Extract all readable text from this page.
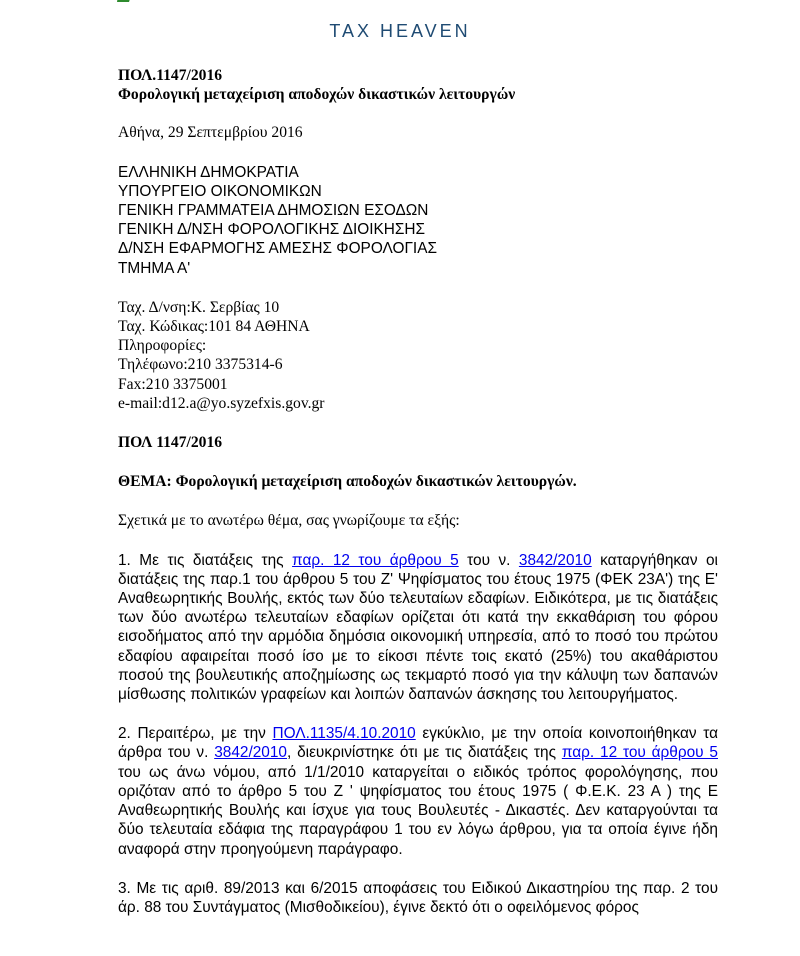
TAX HEAVEN

ΠΟΛ.1147/2016

Φορολογική μεταχείριση αποδοχών δικαστικών λειτουργών

Αθήνα, 29 Σεπτεμβρίου 2016

ΕΛΛΗΝΙΚΗ ΔΗΜΟΚΡΑΤΙΑ

ΥΠΟΥΡΓΕΙΟ ΟΙΚΟΝΟΜΙΚΩΝ

ΓΕΝΙΚΗ ΓΡΑΜΜΑΤΕΙΑ ΔΗΜΟΣΙΩΝ ΕΣΟΔΩΝ

ΓΕΝΙΚΗ Δ/ΝΣΗ ΦΟΡΟΛΟΓΙΚΗΣ ΔΙΟΙΚΗΣΗΣ

Δ/ΝΣΗ ΕΦΑΡΜΟΓΗΣ ΑΜΕΣΗΣ ΦΟΡΟΛΟΓΙΑΣ

ΤΜΗΜΑ Α'

Ταχ. Δ/νση:Κ. Σερβίας 10

Ταχ. Κώδικας:101 84 ΑΘΗΝΑ

Πληροφορίες:

Τηλέφωνο:210 3375314-6

Fax:210 3375001

e-mail:d12.a@yo.syzefxis.gov.gr

ΠΟΛ 1147/2016

ΘΕΜΑ: Φορολογική μεταχείριση αποδοχών δικαστικών λειτουργών.

Σχετικά με το ανωτέρω θέμα, σας γνωρίζουμε τα εξής:

1. Με τις διατάξεις της παρ. 12 του άρθρου 5 του ν. 3842/2010 καταργήθηκαν οι διατάξεις της παρ.1 του άρθρου 5 του Ζ' Ψηφίσματος του έτους 1975 (ΦΕΚ 23Α') της Ε' Αναθεωρητικής Βουλής, εκτός των δύο τελευταίων εδαφίων. Ειδικότερα, με τις διατάξεις των δύο ανωτέρω τελευταίων εδαφίων ορίζεται ότι κατά την εκκαθάριση του φόρου εισοδήματος από την αρμόδια δημόσια οικονομική υπηρεσία, από το ποσό του πρώτου εδαφίου αφαιρείται ποσό ίσο με το είκοσι πέντε τοις εκατό (25%) του ακαθάριστου ποσού της βουλευτικής αποζημίωσης ως τεκμαρτό ποσό για την κάλυψη των δαπανών μίσθωσης πολιτικών γραφείων και λοιπών δαπανών άσκησης του λειτουργήματος.

2. Περαιτέρω, με την ΠΟΛ.1135/4.10.2010 εγκύκλιο, με την οποία κοινοποιήθηκαν τα άρθρα του ν. 3842/2010, διευκρινίστηκε ότι με τις διατάξεις της παρ. 12 του άρθρου 5 του ως άνω νόμου, από 1/1/2010 καταργείται ο ειδικός τρόπος φορολόγησης, που οριζόταν από το άρθρο 5 του Ζ ' ψηφίσματος του έτους 1975 ( Φ.Ε.Κ. 23 Α ) της Ε Αναθεωρητικής Βουλής και ίσχυε για τους Βουλευτές - Δικαστές. Δεν καταργούνται τα δύο τελευταία εδάφια της παραγράφου 1 του εν λόγω άρθρου, για τα οποία έγινε ήδη αναφορά στην προηγούμενη παράγραφο.

3. Με τις αριθ. 89/2013 και 6/2015 αποφάσεις του Ειδικού Δικαστηρίου της παρ. 2 του άρ. 88 του Συντάγματος (Μισθοδικείου), έγινε δεκτό ότι ο οφειλόμενος φόρος
